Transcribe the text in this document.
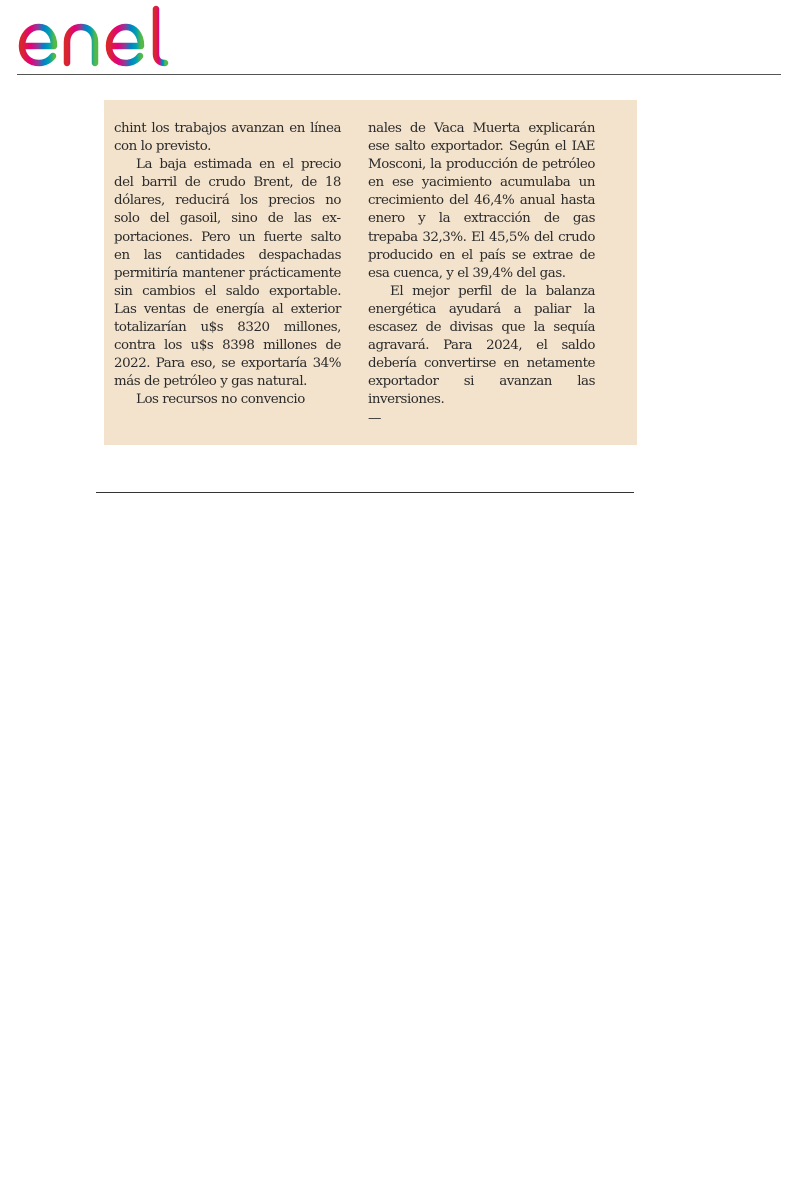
chint los trabajos avanzan en línea con lo previsto.

La baja estimada en el precio del barril de crudo Brent, de 18 dólares, reducirá los precios no solo del gasoil, sino de las exportaciones. Pero un fuerte salto en las cantidades despachadas permitiría mantener prácticamente sin cambios el saldo exportable. Las ventas de energía al exterior totalizarían u$s 8320 millones, contra los u$s 8398 millones de 2022. Para eso, se exportaría 34% más de petróleo y gas natural.

Los recursos no convencio

nales de Vaca Muerta explicarán ese salto exportador. Según el IAE Mosconi, la producción de petróleo en ese yacimiento acumulaba un crecimiento del 46,4% anual hasta enero y la extracción de gas trepaba 32,3%. El 45,5% del crudo producido en el país se extrae de esa cuenca, y el 39,4% del gas.

El mejor perfil de la balanza energética ayudará a paliar la escasez de divisas que la sequía agravará. Para 2024, el saldo debería convertirse en netamente exportador si avanzan las inversiones.

—
